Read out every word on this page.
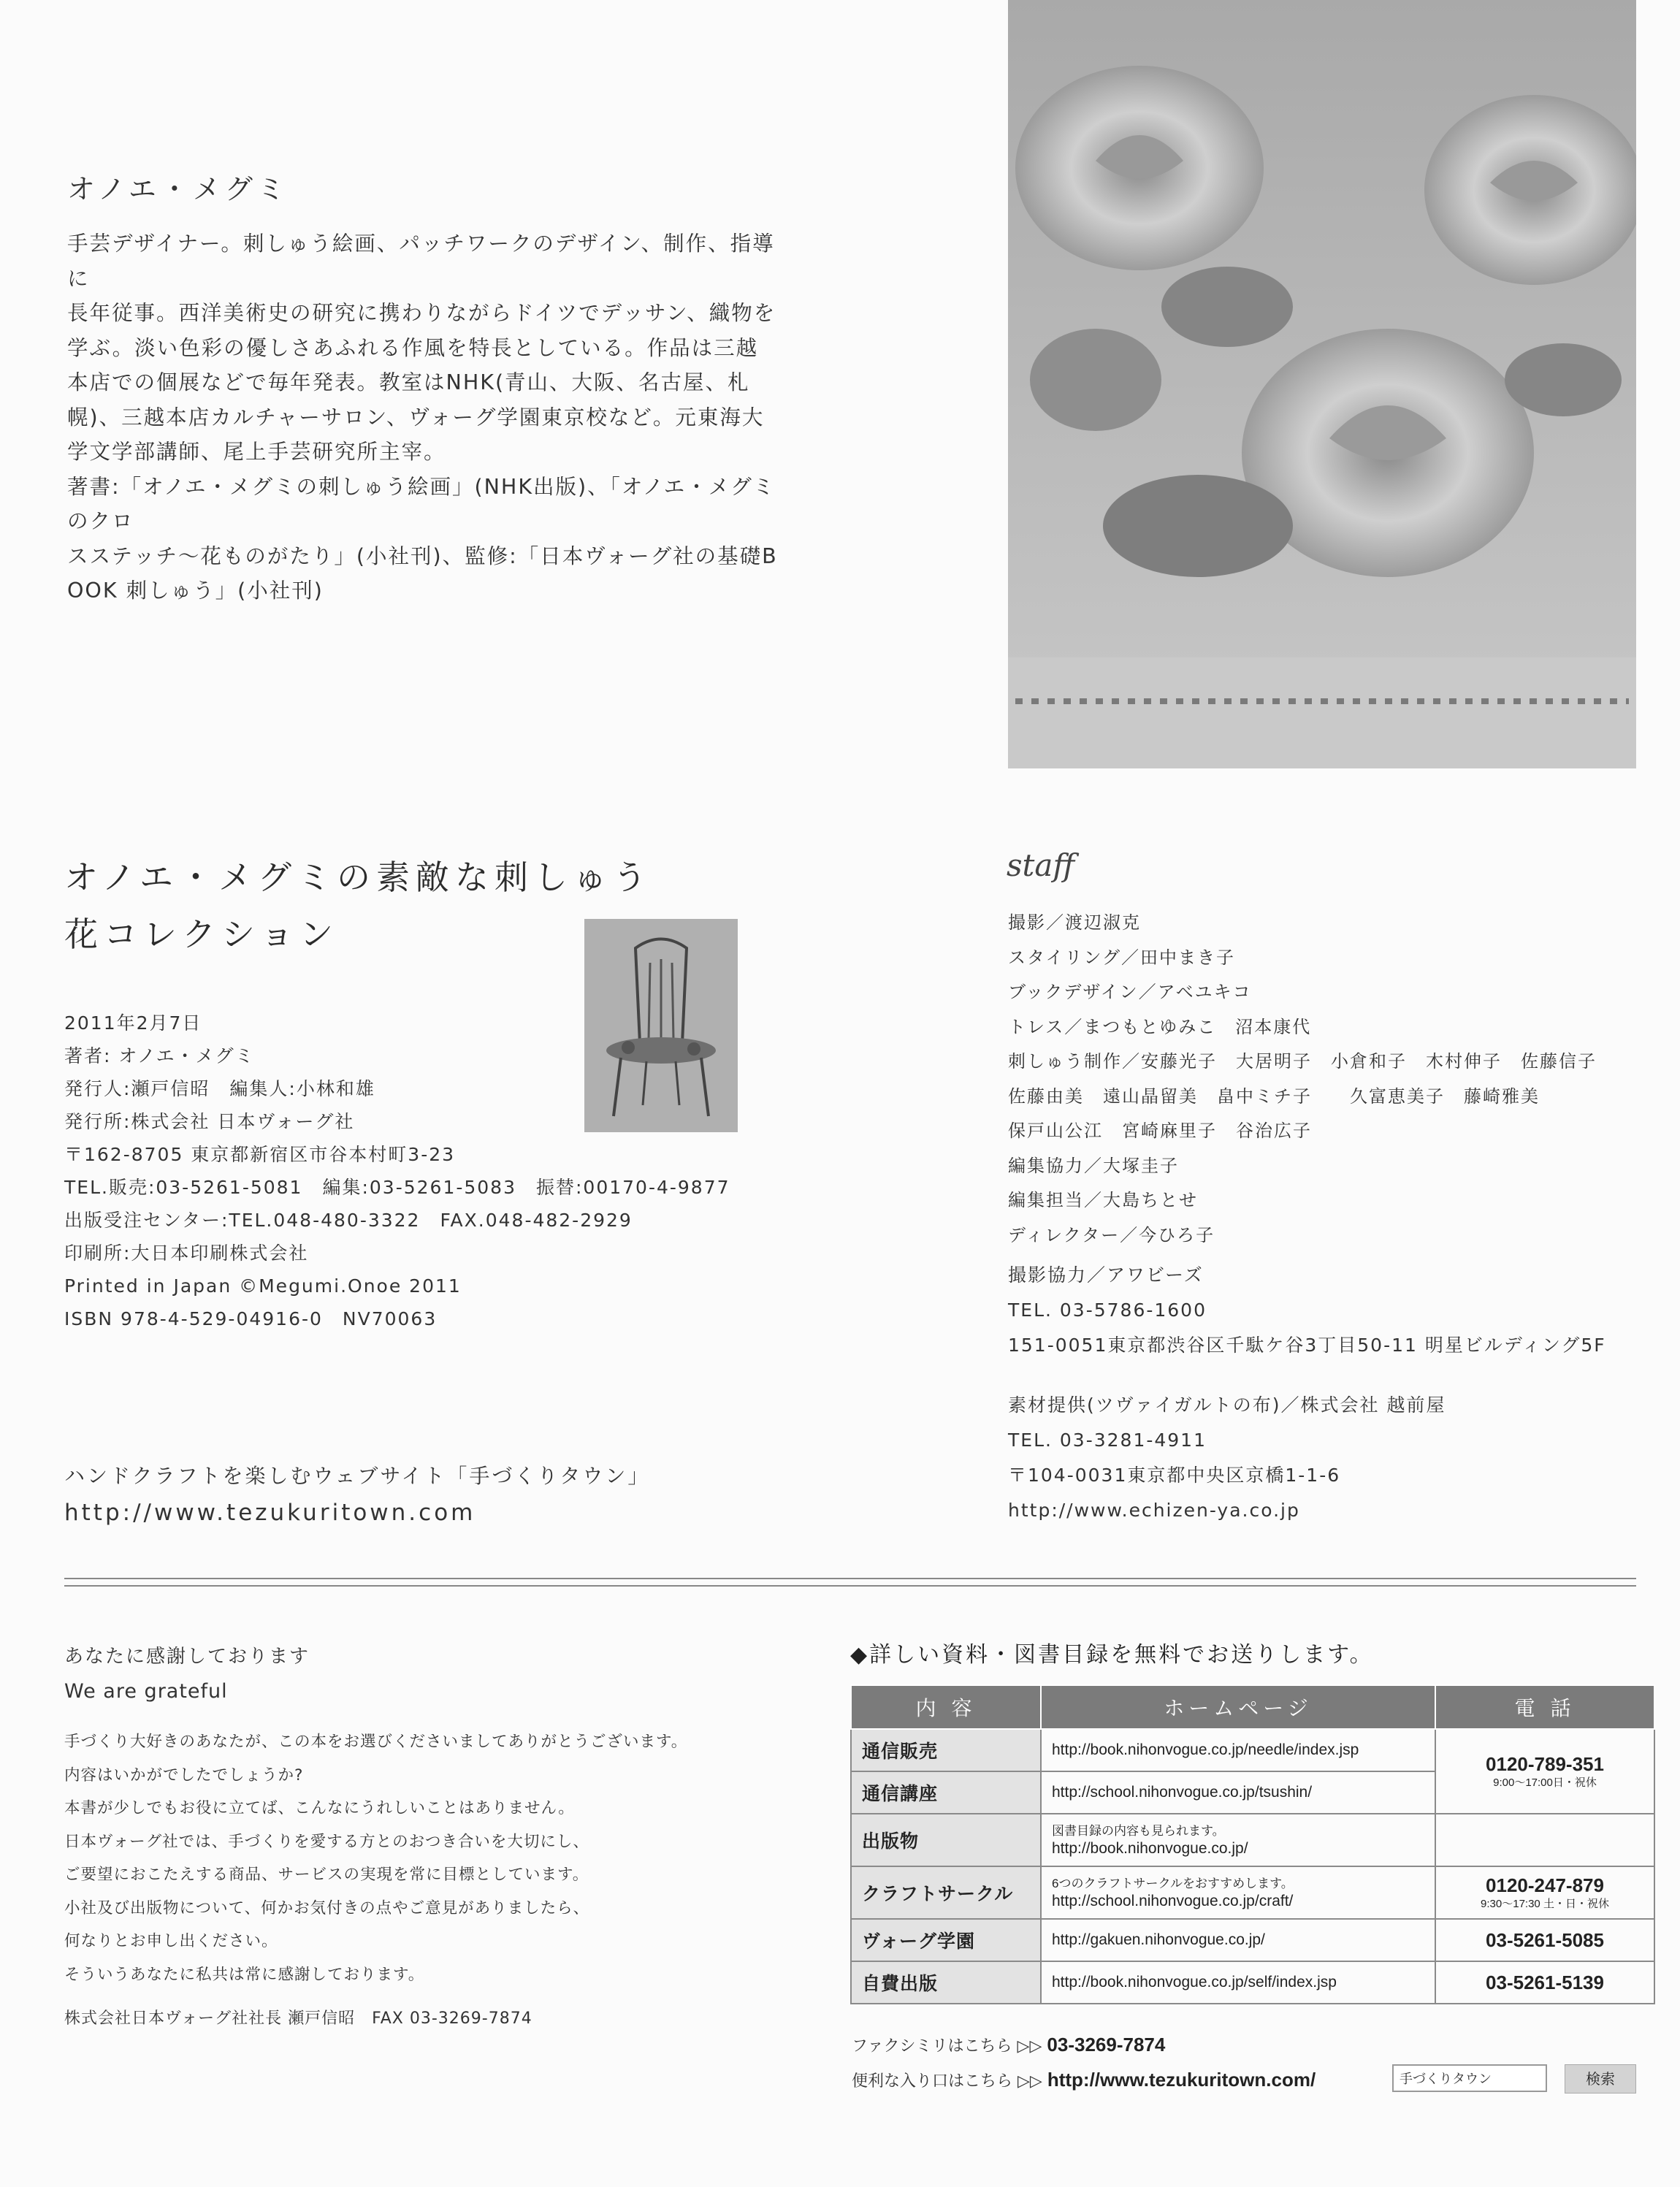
オノエ・メグミ

手芸デザイナー。刺しゅう絵画、パッチワークのデザイン、制作、指導に

長年従事。西洋美術史の研究に携わりながらドイツでデッサン、織物を

学ぶ。淡い色彩の優しさあふれる作風を特長としている。作品は三越

本店での個展などで毎年発表。教室はNHK(青山、大阪、名古屋、札

幌)、三越本店カルチャーサロン、ヴォーグ学園東京校など。元東海大

学文学部講師、尾上手芸研究所主宰。

著書:「オノエ・メグミの刺しゅう絵画」(NHK出版)、「オノエ・メグミのクロ

スステッチ〜花ものがたり」(小社刊)、監修:「日本ヴォーグ社の基礎B

OOK 刺しゅう」(小社刊)

オノエ・メグミの素敵な刺しゅう
花コレクション
2011年2月7日
著者: オノエ・メグミ
発行人:瀬戸信昭　編集人:小林和雄
発行所:株式会社 日本ヴォーグ社
〒162-8705 東京都新宿区市谷本村町3-23
TEL.販売:03-5261-5081　編集:03-5261-5083　振替:00170-4-9877
出版受注センター:TEL.048-480-3322　FAX.048-482-2929
印刷所:大日本印刷株式会社
Printed in Japan ©Megumi.Onoe 2011
ISBN 978-4-529-04916-0　NV70063
staff
撮影／渡辺淑克
スタイリング／田中まき子
ブックデザイン／アベユキコ
トレス／まつもとゆみこ　沼本康代
刺しゅう制作／安藤光子　大居明子　小倉和子　木村伸子　佐藤信子
佐藤由美　遠山晶留美　畠中ミチ子　　久富恵美子　藤崎雅美
保戸山公江　宮崎麻里子　谷治広子
編集協力／大塚圭子
編集担当／大島ちとせ
ディレクター／今ひろ子
撮影協力／アワビーズ
TEL. 03-5786-1600
151-0051東京都渋谷区千駄ケ谷3丁目50-11 明星ビルディング5F
素材提供(ツヴァイガルトの布)／株式会社 越前屋
TEL. 03-3281-4911
〒104-0031東京都中央区京橋1-1-6
http://www.echizen-ya.co.jp
ハンドクラフトを楽しむウェブサイト「手づくりタウン」
http://www.tezukuritown.com
あなたに感謝しております
We are grateful
手づくり大好きのあなたが、この本をお選びくださいましてありがとうございます。
内容はいかがでしたでしょうか?
本書が少しでもお役に立てば、こんなにうれしいことはありません。
日本ヴォーグ社では、手づくりを愛する方とのおつき合いを大切にし、
ご要望におこたえする商品、サービスの実現を常に目標としています。
小社及び出版物について、何かお気付きの点やご意見がありましたら、
何なりとお申し出ください。
そういうあなたに私共は常に感謝しております。
株式会社日本ヴォーグ社社長 瀬戸信昭　FAX 03-3269-7874
◆詳しい資料・図書目録を無料でお送りします。
内 容	ホームページ	電 話
通信販売	http://book.nihonvogue.co.jp/needle/index.jsp	0120-789-351
9:00〜17:00日・祝休

通信講座	http://school.nihonvogue.co.jp/tsushin/	
出版物	図書目録の内容も見られます。
http://book.nihonvogue.co.jp/	
クラフトサークル	6つのクラフトサークルをおすすめします。
http://school.nihonvogue.co.jp/craft/	0120-247-879
9:30〜17:30 土・日・祝休

ヴォーグ学園	http://gakuen.nihonvogue.co.jp/	03-5261-5085
自費出版	http://book.nihonvogue.co.jp/self/index.jsp	03-5261-5139
ファクシミリはこちら ▷▷ 03-3269-7874
便利な入り口はこちら ▷▷ http://www.tezukuritown.com/	手づくりタウン	検索
